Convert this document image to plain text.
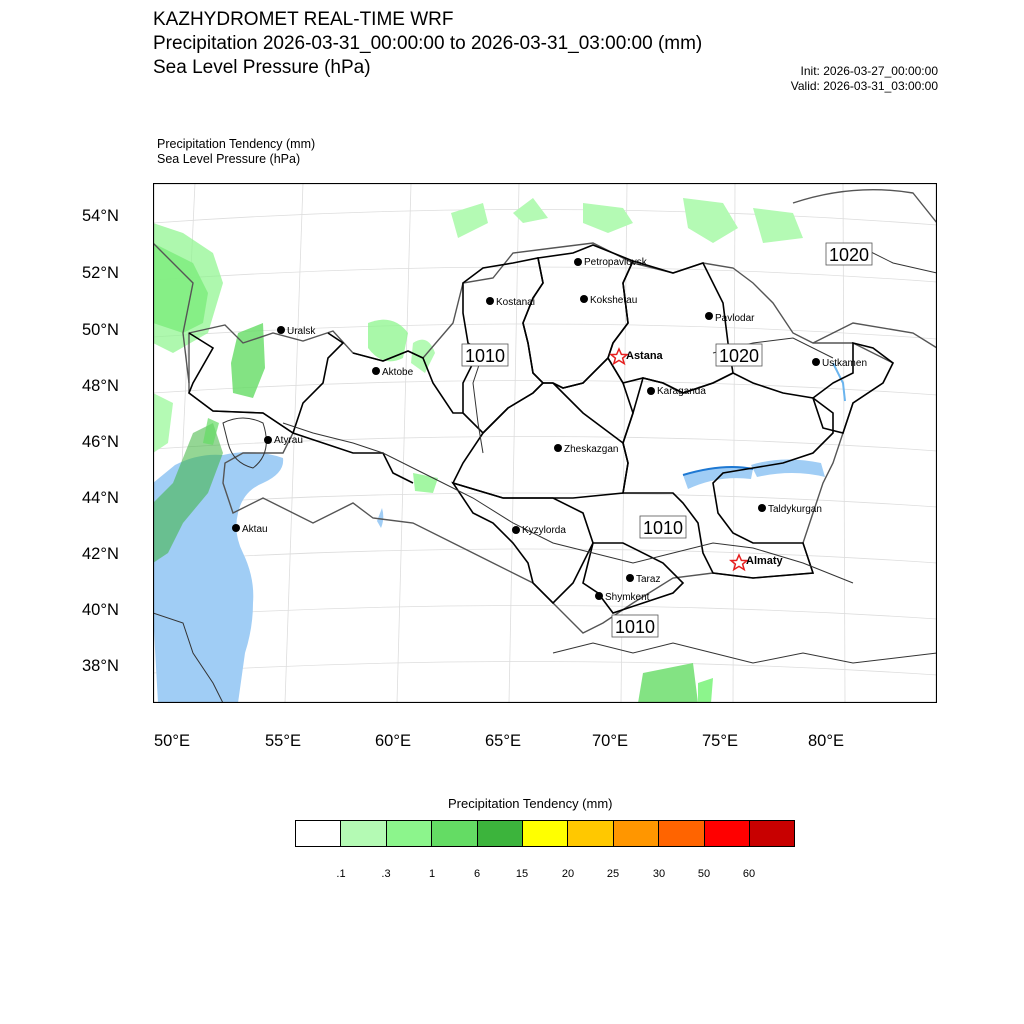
KAZHYDROMET REAL-TIME WRF
Precipitation 2026-03-31_00:00:00 to 2026-03-31_03:00:00 (mm)
Sea Level Pressure (hPa)	Init: 2026-03-27_00:00:00
Valid: 2026-03-31_03:00:00
Precipitation Tendency (mm)
Sea Level Pressure (hPa)
54°N
52°N
50°N
48°N
46°N
44°N
42°N
40°N
38°N
50°E	55°E	60°E	65°E	70°E	75°E	80°E
1020
1010	1020
1010
1010
Petropavlovsk
Kostanai	Kokshetau
Pavlodar
Uralsk
Aktobe
Astana
Ustkamen
Karaganda
Atyrau
Zheskazgan
Aktau	Kyzylorda
Taldykurgan
Almaty
Taraz
Shymkent
Precipitation Tendency (mm)
.1	.3	1	6	15	20	25	30	50	60
